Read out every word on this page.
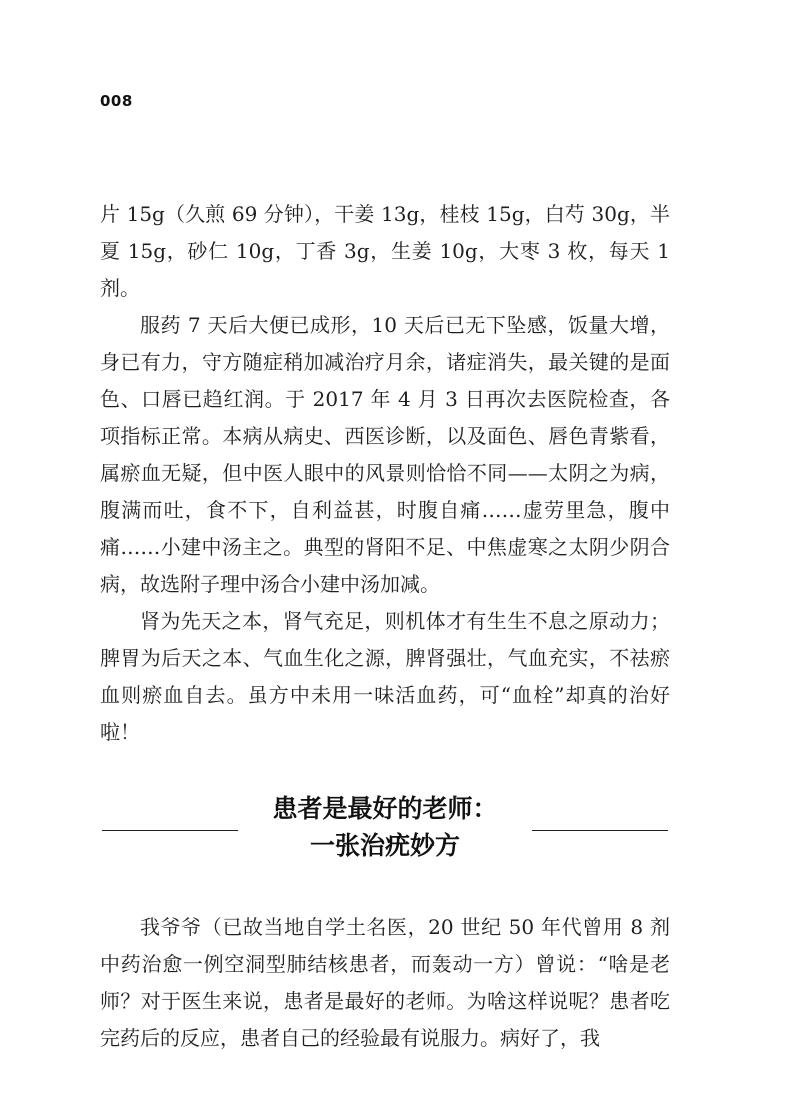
008

片 15g（久煎 69 分钟），干姜 13g，桂枝 15g，白芍 30g，半夏 15g，砂仁 10g，丁香 3g，生姜 10g，大枣 3 枚，每天 1 剂。

服药 7 天后大便已成形，10 天后已无下坠感，饭量大增，身已有力，守方随症稍加减治疗月余，诸症消失，最关键的是面色、口唇已趋红润。于 2017 年 4 月 3 日再次去医院检查，各项指标正常。本病从病史、西医诊断，以及面色、唇色青紫看，属瘀血无疑，但中医人眼中的风景则恰恰不同——太阴之为病，腹满而吐，食不下，自利益甚，时腹自痛……虚劳里急，腹中痛……小建中汤主之。典型的肾阳不足、中焦虚寒之太阴少阴合病，故选附子理中汤合小建中汤加减。

肾为先天之本，肾气充足，则机体才有生生不息之原动力；脾胃为后天之本、气血生化之源，脾肾强壮，气血充实，不祛瘀血则瘀血自去。虽方中未用一味活血药，可“血栓”却真的治好啦！

患者是最好的老师：
一张治疣妙方

我爷爷（已故当地自学土名医，20 世纪 50 年代曾用 8 剂中药治愈一例空洞型肺结核患者，而轰动一方）曾说：“啥是老师？对于医生来说，患者是最好的老师。为啥这样说呢？患者吃完药后的反应，患者自己的经验最有说服力。病好了，我
